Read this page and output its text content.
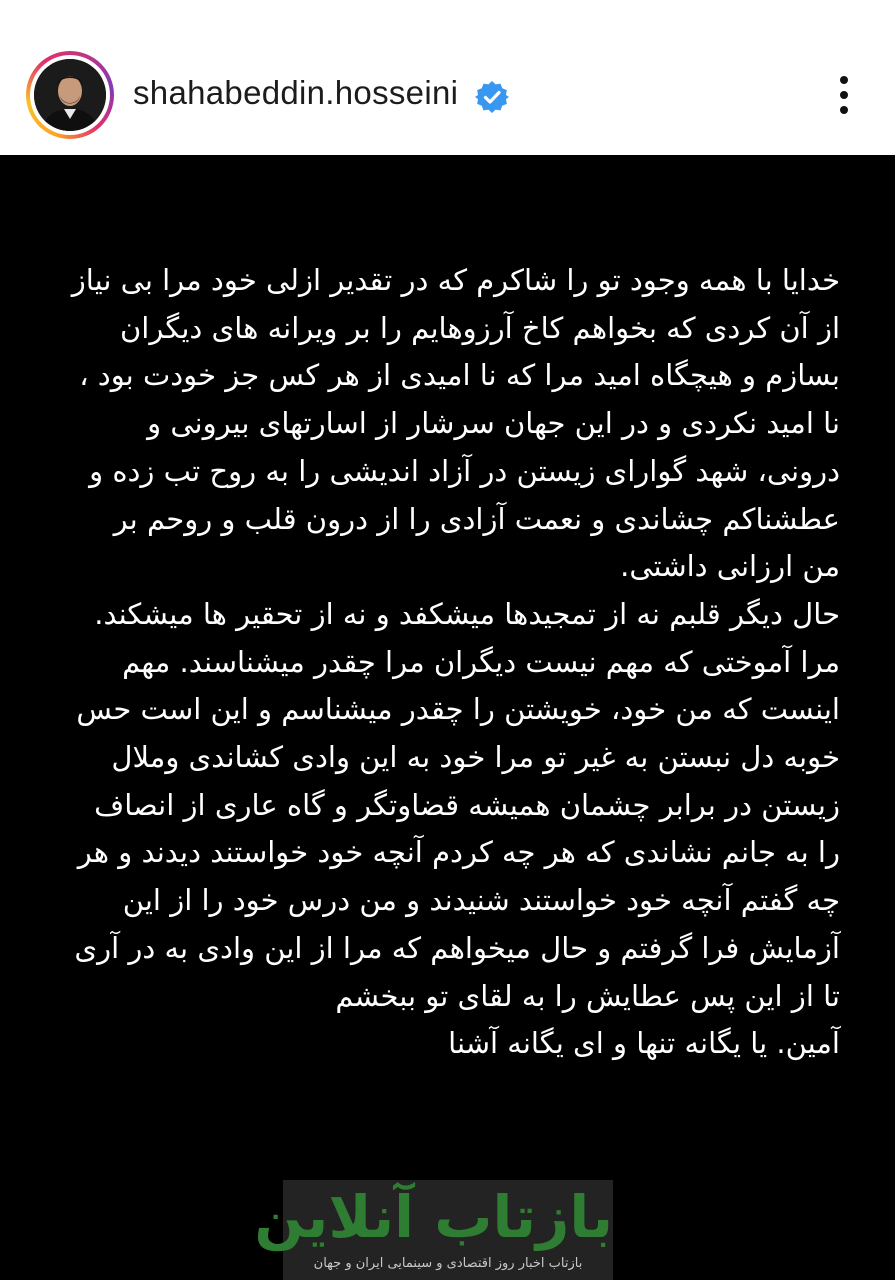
shahabeddin.hosseini

خدایا با همه وجود تو را شاکرم که در تقدیر ازلی خود مرا بی نیاز از آن کردی که بخواهم کاخ آرزوهایم را بر ویرانه های دیگران بسازم و هیچگاه امید مرا که نا امیدی از هر کس جز خودت بود ، نا امید نکردی و در این جهان سرشار از اسارتهای بیرونی و درونی، شهد گوارای زیستن در آزاد اندیشی را به روح تب زده و عطشناکم چشاندی و نعمت آزادی را از درون قلب و روحم بر من ارزانی داشتی.

حال دیگر قلبم نه از تمجیدها میشکفد و نه از تحقیر ها میشکند. مرا آموختی که مهم نیست دیگران مرا چقدر میشناسند. مهم اینست که من خود، خویشتن را چقدر میشناسم و این است حس خوبه دل نبستن به غیر تو مرا خود به این وادی کشاندی وملال زیستن در برابر چشمان همیشه قضاوتگر و گاه عاری از انصاف را به جانم نشاندی که هر چه کردم آنچه خود خواستند دیدند و هر چه گفتم آنچه خود خواستند شنیدند و من درس خود را از این آزمایش فرا گرفتم و حال میخواهم که مرا از این وادی به در آری تا از این پس عطایش را به لقای تو ببخشم

آمین. یا یگانه تنها و ای یگانه آشنا

بازتاب آنلاین
بازتاب اخبار روز اقتصادی و سینمایی ایران و جهان
